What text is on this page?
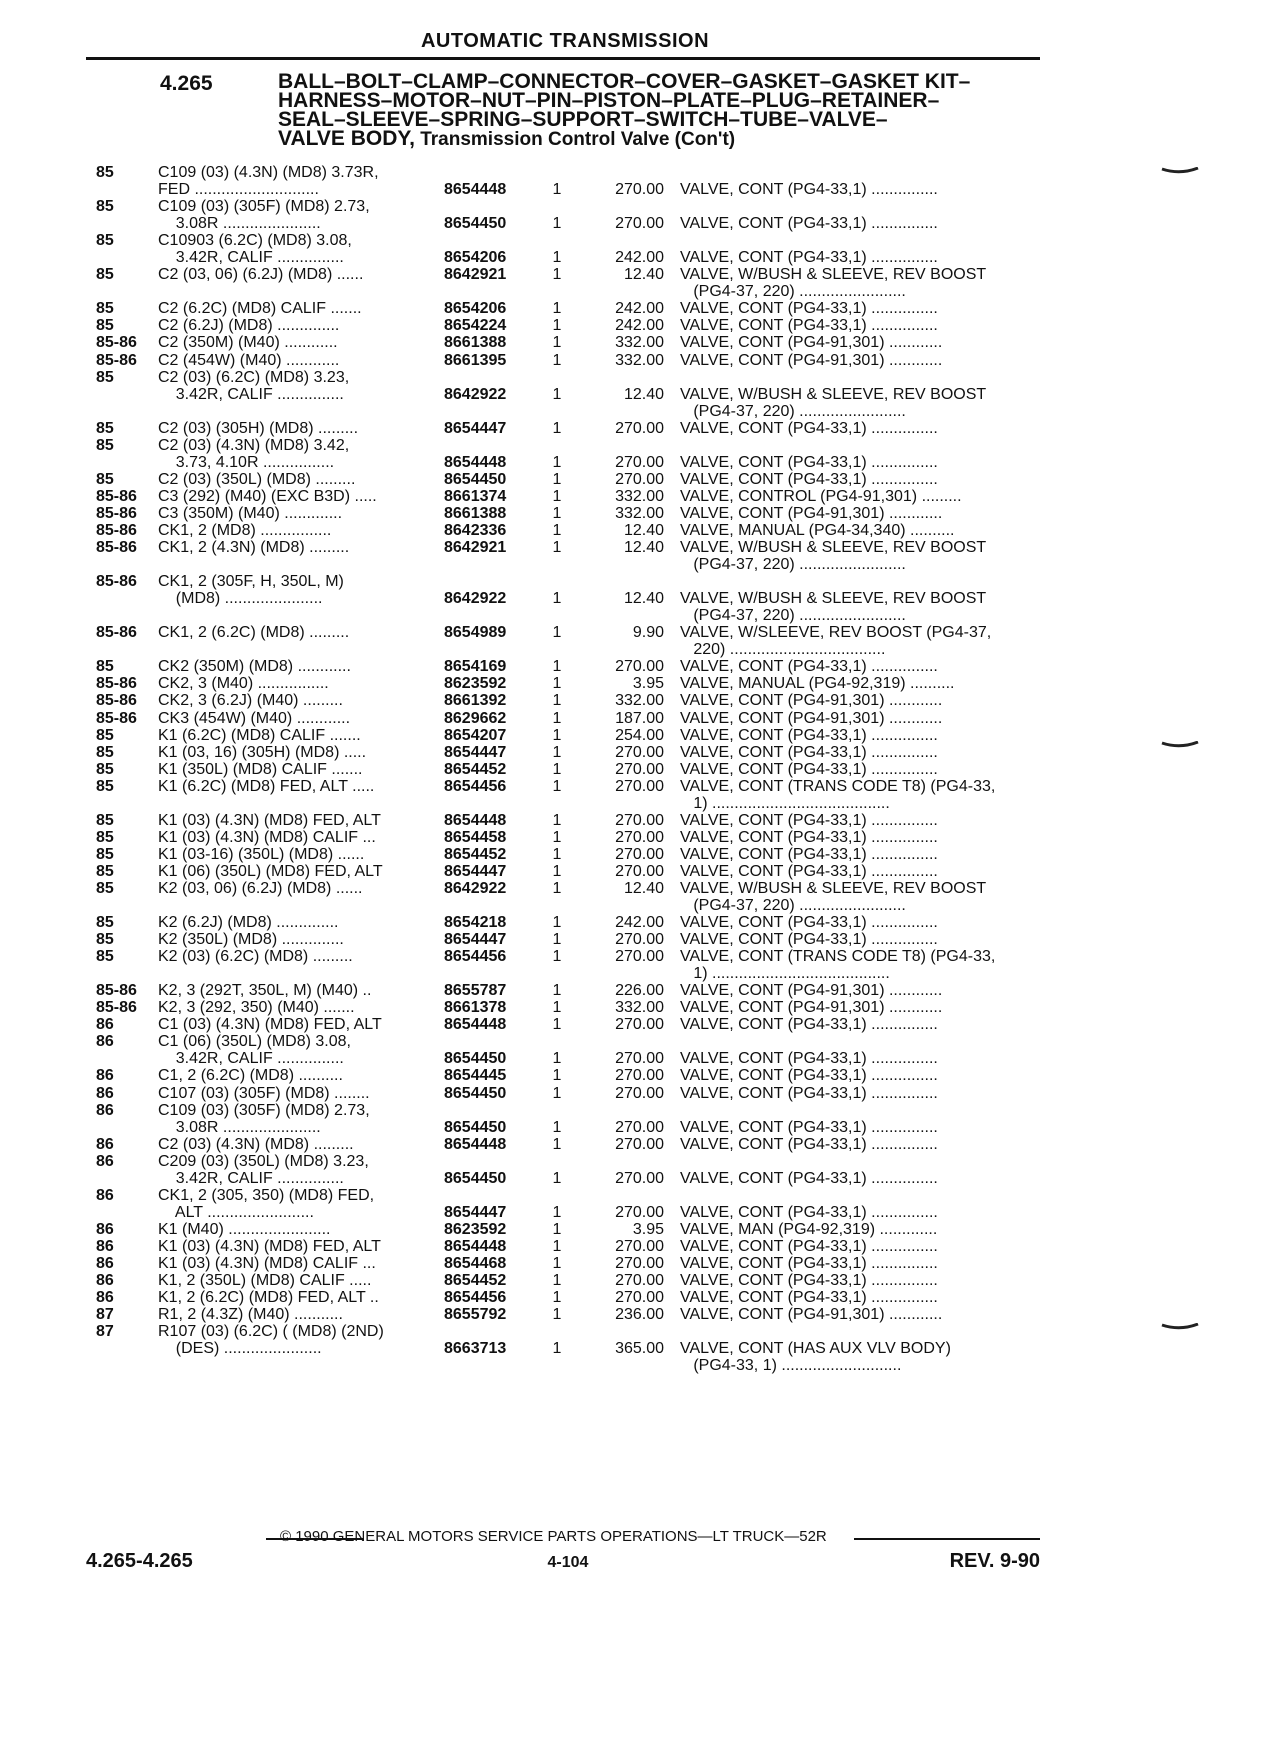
AUTOMATIC TRANSMISSION
4.265	BALL–BOLT–CLAMP–CONNECTOR–COVER–GASKET–GASKET KIT–
HARNESS–MOTOR–NUT–PIN–PISTON–PLATE–PLUG–RETAINER–
SEAL–SLEEVE–SPRING–SUPPORT–SWITCH–TUBE–VALVE–
VALVE BODY, Transmission Control Valve (Con't)
85	C109 (03) (4.3N) (MD8) 3.73R,
FED ............................	8654448	1	270.00 VALVE, CONT (PG4-33,1) ...............
85	C109 (03) (305F) (MD8) 2.73,
3.08R ......................	8654450	1	270.00 VALVE, CONT (PG4-33,1) ...............
85	C10903 (6.2C) (MD8) 3.08,
3.42R, CALIF ...............	8654206	1	242.00 VALVE, CONT (PG4-33,1) ...............
85	C2 (03, 06) (6.2J) (MD8) ......	8642921	1	12.40 VALVE, W/BUSH & SLEEVE, REV BOOST
(PG4-37, 220) ........................
85	C2 (6.2C) (MD8) CALIF .......	8654206	1	242.00 VALVE, CONT (PG4-33,1) ...............
85	C2 (6.2J) (MD8) ..............	8654224	1	242.00 VALVE, CONT (PG4-33,1) ...............
85-86	C2 (350M) (M40) ............	8661388	1	332.00 VALVE, CONT (PG4-91,301) ............
85-86	C2 (454W) (M40) ............	8661395	1	332.00 VALVE, CONT (PG4-91,301) ............
85	C2 (03) (6.2C) (MD8) 3.23,
3.42R, CALIF ...............	8642922	1	12.40 VALVE, W/BUSH & SLEEVE, REV BOOST
(PG4-37, 220) ........................
85	C2 (03) (305H) (MD8) .........	8654447	1	270.00 VALVE, CONT (PG4-33,1) ...............
85	C2 (03) (4.3N) (MD8) 3.42,
3.73, 4.10R ................	8654448	1	270.00 VALVE, CONT (PG4-33,1) ...............
85	C2 (03) (350L) (MD8) .........	8654450	1	270.00 VALVE, CONT (PG4-33,1) ...............
85-86	C3 (292) (M40) (EXC B3D) .....	8661374	1	332.00 VALVE, CONTROL (PG4-91,301) .........
85-86	C3 (350M) (M40) .............	8661388	1	332.00 VALVE, CONT (PG4-91,301) ............
85-86	CK1, 2 (MD8) ................	8642336	1	12.40 VALVE, MANUAL (PG4-34,340) ..........
85-86	CK1, 2 (4.3N) (MD8) .........	8642921	1	12.40 VALVE, W/BUSH & SLEEVE, REV BOOST
(PG4-37, 220) ........................
85-86	CK1, 2 (305F, H, 350L, M)
(MD8) ......................	8642922	1	12.40 VALVE, W/BUSH & SLEEVE, REV BOOST
(PG4-37, 220) ........................
85-86	CK1, 2 (6.2C) (MD8) .........	8654989	1	9.90 VALVE, W/SLEEVE, REV BOOST (PG4-37,
220) ...................................
85	CK2 (350M) (MD8) ............	8654169	1	270.00 VALVE, CONT (PG4-33,1) ...............
85-86	CK2, 3 (M40) ................	8623592	1	3.95 VALVE, MANUAL (PG4-92,319) ..........
85-86	CK2, 3 (6.2J) (M40) .........	8661392	1	332.00 VALVE, CONT (PG4-91,301) ............
85-86	CK3 (454W) (M40) ............	8629662	1	187.00 VALVE, CONT (PG4-91,301) ............
85	K1 (6.2C) (MD8) CALIF .......	8654207	1	254.00 VALVE, CONT (PG4-33,1) ...............
85	K1 (03, 16) (305H) (MD8) .....	8654447	1	270.00 VALVE, CONT (PG4-33,1) ...............
85	K1 (350L) (MD8) CALIF .......	8654452	1	270.00 VALVE, CONT (PG4-33,1) ...............
85	K1 (6.2C) (MD8) FED, ALT .....	8654456	1	270.00 VALVE, CONT (TRANS CODE T8) (PG4-33,
1) ........................................
85	K1 (03) (4.3N) (MD8) FED, ALT	8654448	1	270.00 VALVE, CONT (PG4-33,1) ...............
85	K1 (03) (4.3N) (MD8) CALIF ...	8654458	1	270.00 VALVE, CONT (PG4-33,1) ...............
85	K1 (03-16) (350L) (MD8) ......	8654452	1	270.00 VALVE, CONT (PG4-33,1) ...............
85	K1 (06) (350L) (MD8) FED, ALT	8654447	1	270.00 VALVE, CONT (PG4-33,1) ...............
85	K2 (03, 06) (6.2J) (MD8) ......	8642922	1	12.40 VALVE, W/BUSH & SLEEVE, REV BOOST
(PG4-37, 220) ........................
85	K2 (6.2J) (MD8) ..............	8654218	1	242.00 VALVE, CONT (PG4-33,1) ...............
85	K2 (350L) (MD8) ..............	8654447	1	270.00 VALVE, CONT (PG4-33,1) ...............
85	K2 (03) (6.2C) (MD8) .........	8654456	1	270.00 VALVE, CONT (TRANS CODE T8) (PG4-33,
1) ........................................
85-86	K2, 3 (292T, 350L, M) (M40) ..	8655787	1	226.00 VALVE, CONT (PG4-91,301) ............
85-86	K2, 3 (292, 350) (M40) .......	8661378	1	332.00 VALVE, CONT (PG4-91,301) ............
86	C1 (03) (4.3N) (MD8) FED, ALT	8654448	1	270.00 VALVE, CONT (PG4-33,1) ...............
86	C1 (06) (350L) (MD8) 3.08,
3.42R, CALIF ...............	8654450	1	270.00 VALVE, CONT (PG4-33,1) ...............
86	C1, 2 (6.2C) (MD8) ..........	8654445	1	270.00 VALVE, CONT (PG4-33,1) ...............
86	C107 (03) (305F) (MD8) ........	8654450	1	270.00 VALVE, CONT (PG4-33,1) ...............
86	C109 (03) (305F) (MD8) 2.73,
3.08R ......................	8654450	1	270.00 VALVE, CONT (PG4-33,1) ...............
86	C2 (03) (4.3N) (MD8) .........	8654448	1	270.00 VALVE, CONT (PG4-33,1) ...............
86	C209 (03) (350L) (MD8) 3.23,
3.42R, CALIF ...............	8654450	1	270.00 VALVE, CONT (PG4-33,1) ...............
86	CK1, 2 (305, 350) (MD8) FED,
ALT ........................	8654447	1	270.00 VALVE, CONT (PG4-33,1) ...............
86	K1 (M40) .......................	8623592	1	3.95 VALVE, MAN (PG4-92,319) .............
86	K1 (03) (4.3N) (MD8) FED, ALT	8654448	1	270.00 VALVE, CONT (PG4-33,1) ...............
86	K1 (03) (4.3N) (MD8) CALIF ...	8654468	1	270.00 VALVE, CONT (PG4-33,1) ...............
86	K1, 2 (350L) (MD8) CALIF .....	8654452	1	270.00 VALVE, CONT (PG4-33,1) ...............
86	K1, 2 (6.2C) (MD8) FED, ALT ..	8654456	1	270.00 VALVE, CONT (PG4-33,1) ...............
87	R1, 2 (4.3Z) (M40) ...........	8655792	1	236.00 VALVE, CONT (PG4-91,301) ............
87	R107 (03) (6.2C) ( (MD8) (2ND)
(DES) ......................	8663713	1	365.00 VALVE, CONT (HAS AUX VLV BODY)
(PG4-33, 1) ...........................
© 1990 GENERAL MOTORS SERVICE PARTS OPERATIONS—LT TRUCK—52R
4.265-4.265	4-104	REV. 9-90
